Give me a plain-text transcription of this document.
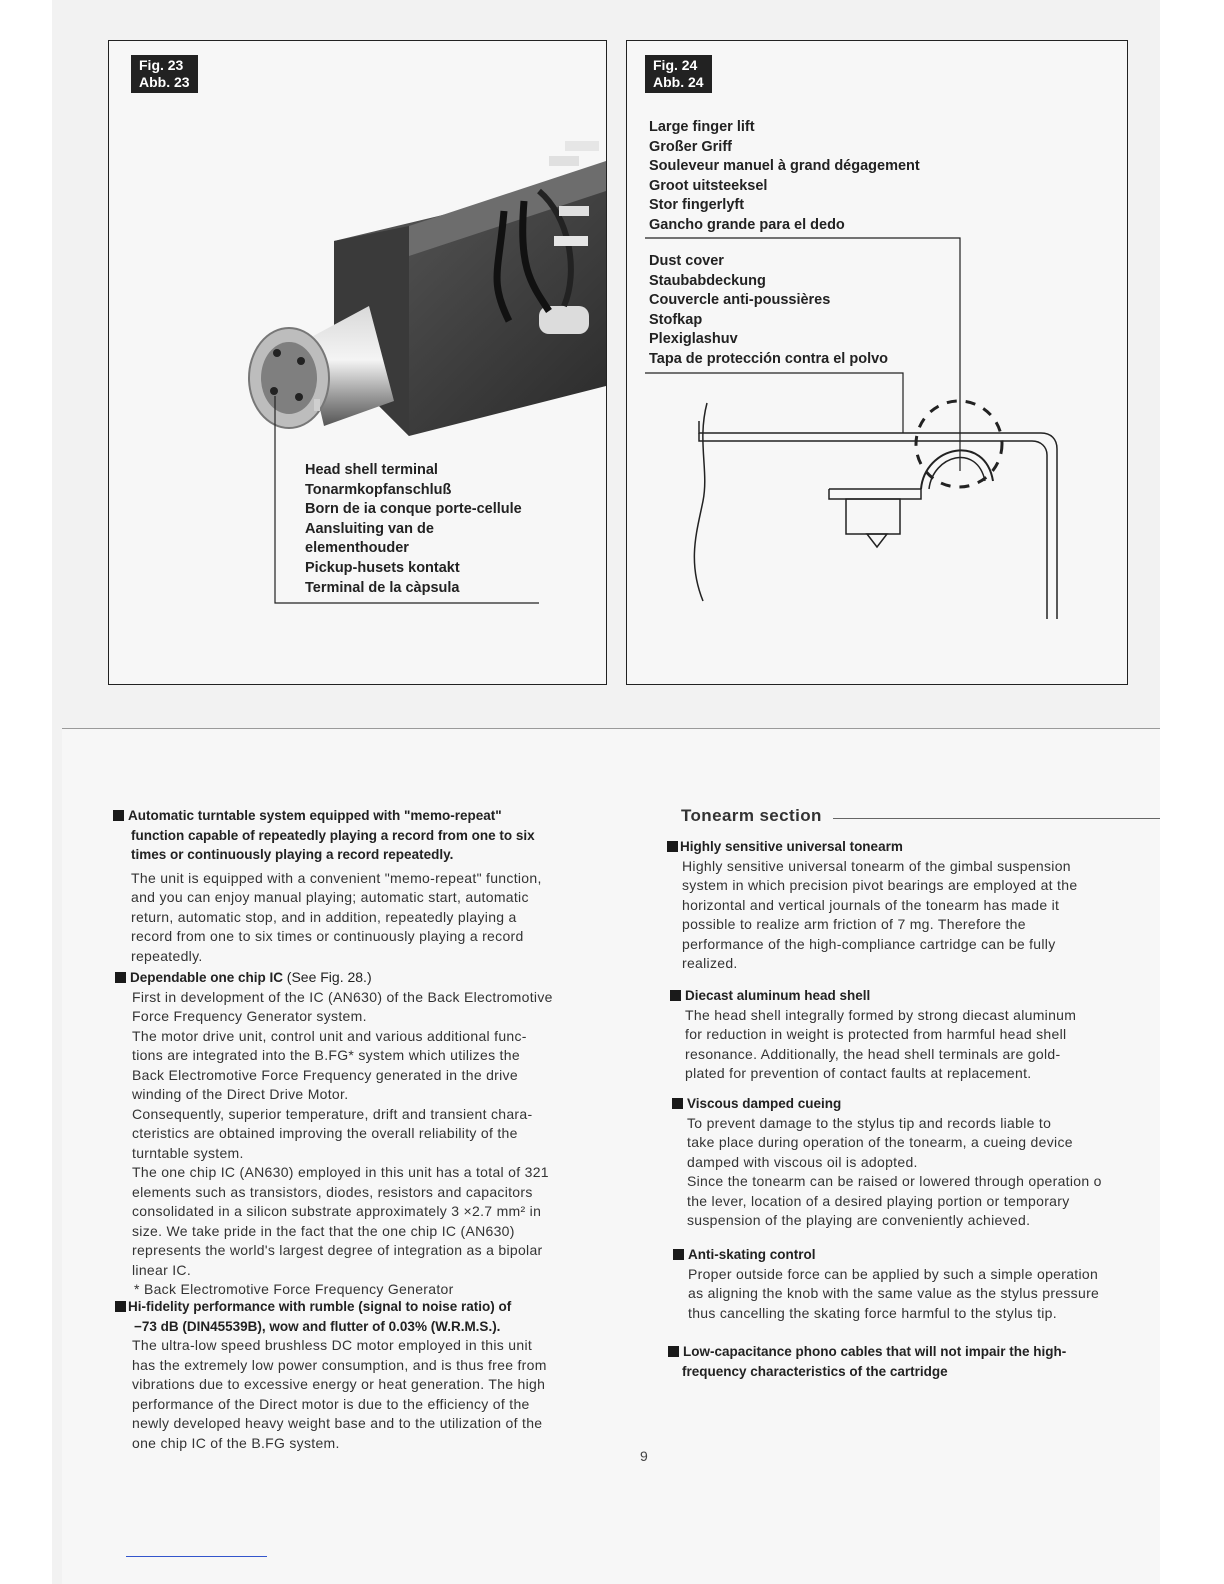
Fig. 23
Abb. 23
Head shell terminal
Tonarmkopfanschluß
Born de ia conque porte-cellule
Aansluiting van de
elementhouder
Pickup-husets kontakt
Terminal de la càpsula
Fig. 24
Abb. 24
Large finger lift
Großer Griff
Souleveur manuel à grand dégagement
Groot uitsteeksel
Stor fingerlyft
Gancho grande para el dedo
Dust cover
Staubabdeckung
Couvercle anti-poussières
Stofkap
Plexiglashuv
Tapa de protección contra el polvo
Automatic turntable system equipped with "memo-repeat"
function capable of repeatedly playing a record from one to six
times or continuously playing a record repeatedly.
The unit is equipped with a convenient "memo-repeat" function,
and you can enjoy manual playing; automatic start, automatic
return, automatic stop, and in addition, repeatedly playing a
record from one to six times or continuously playing a record
repeatedly.
Dependable one chip IC (See Fig. 28.)
First in development of the IC (AN630) of the Back Electromotive
Force Frequency Generator system.
The motor drive unit, control unit and various additional func-
tions are integrated into the B.FG* system which utilizes the
Back Electromotive Force Frequency generated in the drive
winding of the Direct Drive Motor.
Consequently, superior temperature, drift and transient chara-
cteristics are obtained improving the overall reliability of the
turntable system.
The one chip IC (AN630) employed in this unit has a total of 321
elements such as transistors, diodes, resistors and capacitors
consolidated in a silicon substrate approximately 3 ×2.7 mm² in
size. We take pride in the fact that the one chip IC (AN630)
represents the world's largest degree of integration as a bipolar
linear IC.
* Back Electromotive Force Frequency Generator
Hi-fidelity performance with rumble (signal to noise ratio) of
−73 dB (DIN45539B), wow and flutter of 0.03% (W.R.M.S.).
The ultra-low speed brushless DC motor employed in this unit
has the extremely low power consumption, and is thus free from
vibrations due to excessive energy or heat generation. The high
performance of the Direct motor is due to the efficiency of the
newly developed heavy weight base and to the utilization of the
one chip IC of the B.FG system.
Tonearm section
Highly sensitive universal tonearm
Highly sensitive universal tonearm of the gimbal suspension
system in which precision pivot bearings are employed at the
horizontal and vertical journals of the tonearm has made it
possible to realize arm friction of 7 mg. Therefore the
performance of the high-compliance cartridge can be fully
realized.
Diecast aluminum head shell
The head shell integrally formed by strong diecast aluminum
for reduction in weight is protected from harmful head shell
resonance. Additionally, the head shell terminals are gold-
plated for prevention of contact faults at replacement.
Viscous damped cueing
To prevent damage to the stylus tip and records liable to
take place during operation of the tonearm, a cueing device
damped with viscous oil is adopted.
Since the tonearm can be raised or lowered through operation o
the lever, location of a desired playing portion or temporary
suspension of the playing are conveniently achieved.
Anti-skating control
Proper outside force can be applied by such a simple operation
as aligning the knob with the same value as the stylus pressure
thus cancelling the skating force harmful to the stylus tip.
Low-capacitance phono cables that will not impair the high-
frequency characteristics of the cartridge
9
